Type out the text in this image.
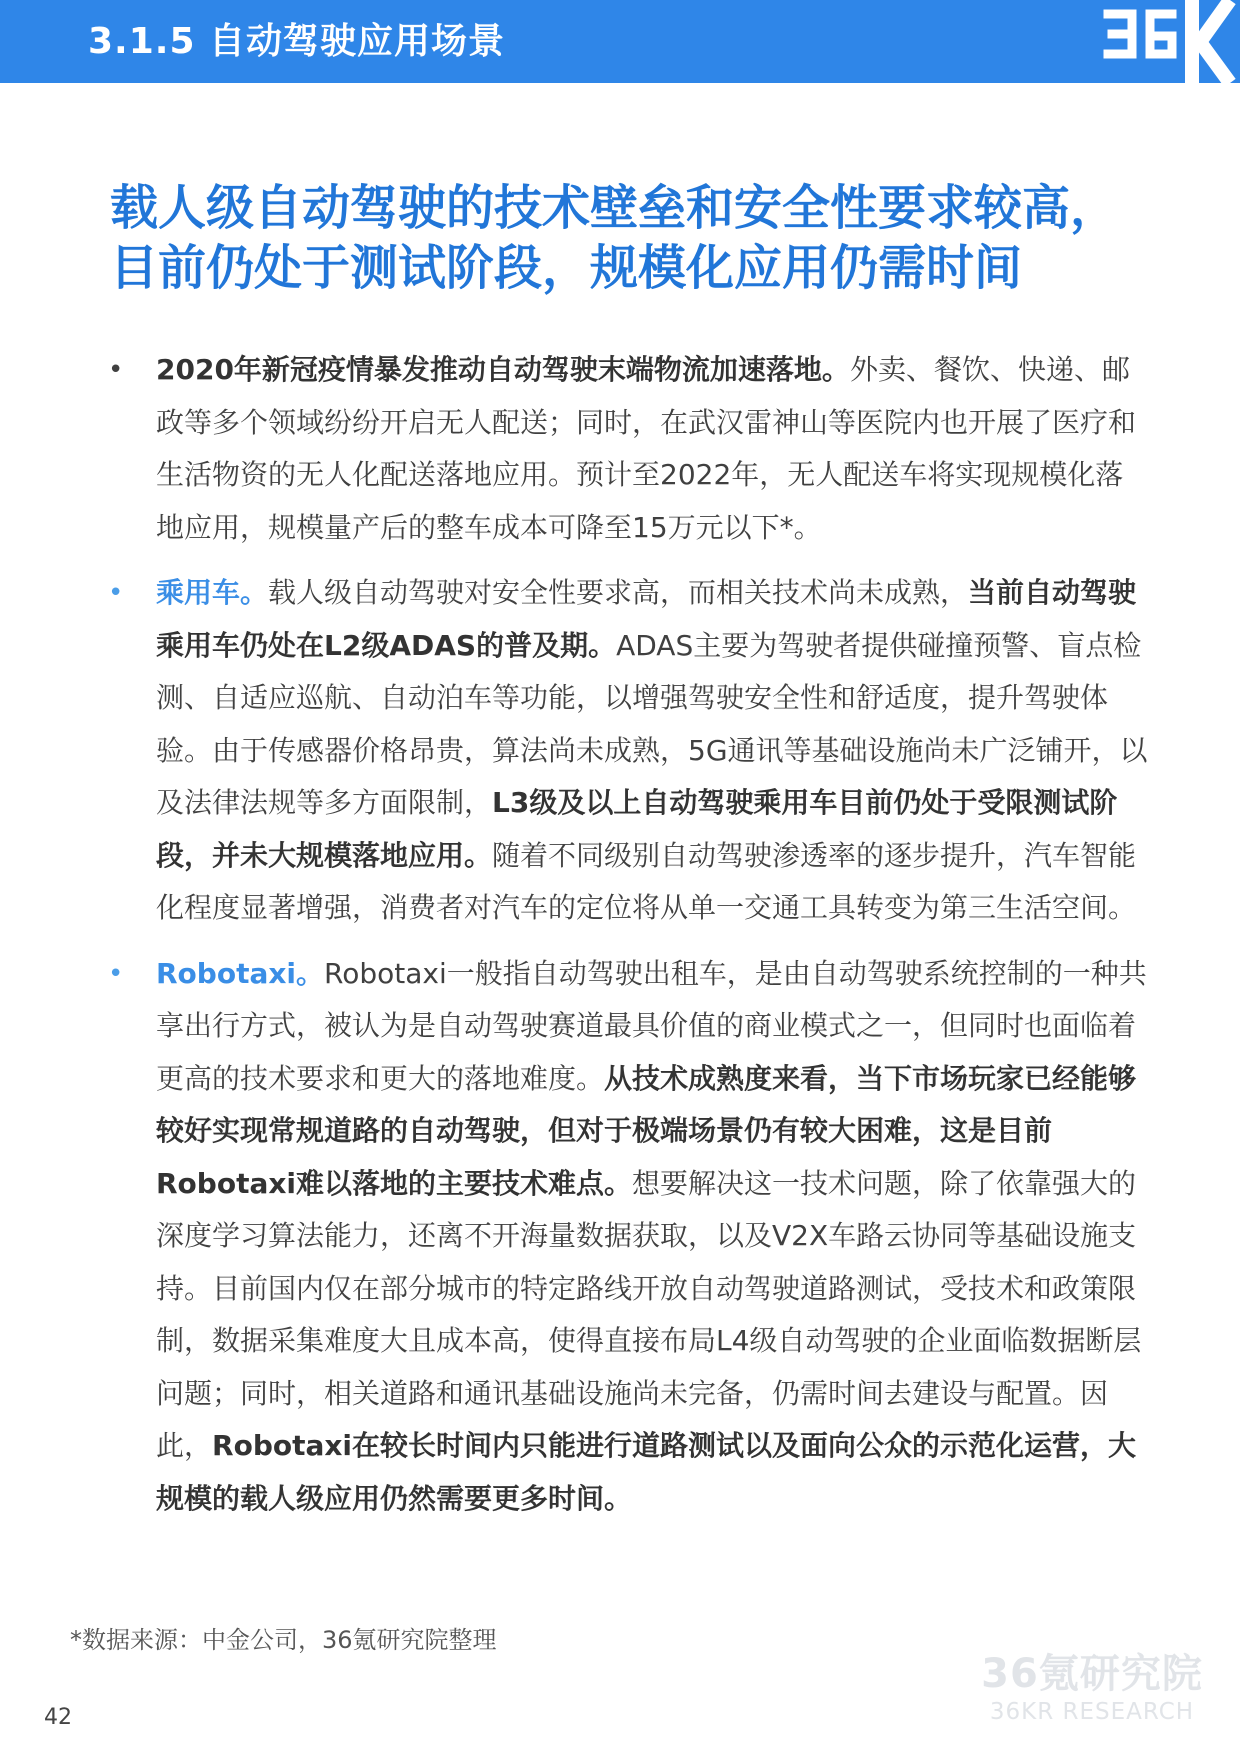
3.1.5 自动驾驶应用场景
载人级自动驾驶的技术壁垒和安全性要求较高，
目前仍处于测试阶段，规模化应用仍需时间
• 2020年新冠疫情暴发推动自动驾驶末端物流加速落地。外卖、餐饮、快递、邮政等多个领域纷纷开启无人配送；同时，在武汉雷神山等医院内也开展了医疗和生活物资的无人化配送落地应用。预计至2022年，无人配送车将实现规模化落地应用，规模量产后的整车成本可降至15万元以下*。
• 乘用车。载人级自动驾驶对安全性要求高，而相关技术尚未成熟，当前自动驾驶乘用车仍处在L2级ADAS的普及期。ADAS主要为驾驶者提供碰撞预警、盲点检测、自适应巡航、自动泊车等功能，以增强驾驶安全性和舒适度，提升驾驶体验。由于传感器价格昂贵，算法尚未成熟，5G通讯等基础设施尚未广泛铺开，以及法律法规等多方面限制，L3级及以上自动驾驶乘用车目前仍处于受限测试阶段，并未大规模落地应用。随着不同级别自动驾驶渗透率的逐步提升，汽车智能化程度显著增强，消费者对汽车的定位将从单一交通工具转变为第三生活空间。
• Robotaxi。Robotaxi一般指自动驾驶出租车，是由自动驾驶系统控制的一种共享出行方式，被认为是自动驾驶赛道最具价值的商业模式之一，但同时也面临着更高的技术要求和更大的落地难度。从技术成熟度来看，当下市场玩家已经能够较好实现常规道路的自动驾驶，但对于极端场景仍有较大困难，这是目前Robotaxi难以落地的主要技术难点。想要解决这一技术问题，除了依靠强大的深度学习算法能力，还离不开海量数据获取，以及V2X车路云协同等基础设施支持。目前国内仅在部分城市的特定路线开放自动驾驶道路测试，受技术和政策限制，数据采集难度大且成本高，使得直接布局L4级自动驾驶的企业面临数据断层问题；同时，相关道路和通讯基础设施尚未完备，仍需时间去建设与配置。因此，Robotaxi在较长时间内只能进行道路测试以及面向公众的示范化运营，大规模的载人级应用仍然需要更多时间。
*数据来源：中金公司，36氪研究院整理
42
36氪研究院
36KR RESEARCH
